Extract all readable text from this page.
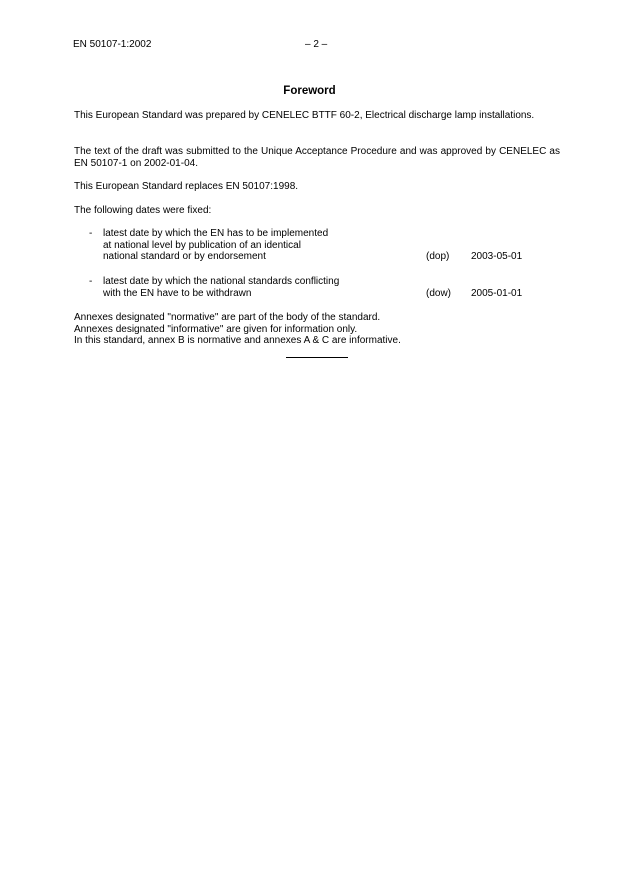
EN 50107-1:2002	– 2 –
Foreword
This European Standard was prepared by CENELEC BTTF 60-2, Electrical discharge lamp installations.
The text of the draft was submitted to the Unique Acceptance Procedure and was approved by CENELEC as EN 50107-1 on 2002-01-04.
This European Standard replaces EN 50107:1998.
The following dates were fixed:
- latest date by which the EN has to be implemented
at national level by publication of an identical
national standard or by endorsement	(dop) 2003-05-01
- latest date by which the national standards conflicting
with the EN have to be withdrawn	(dow) 2005-01-01
Annexes designated "normative" are part of the body of the standard.
Annexes designated "informative" are given for information only.
In this standard, annex B is normative and annexes A & C are informative.
